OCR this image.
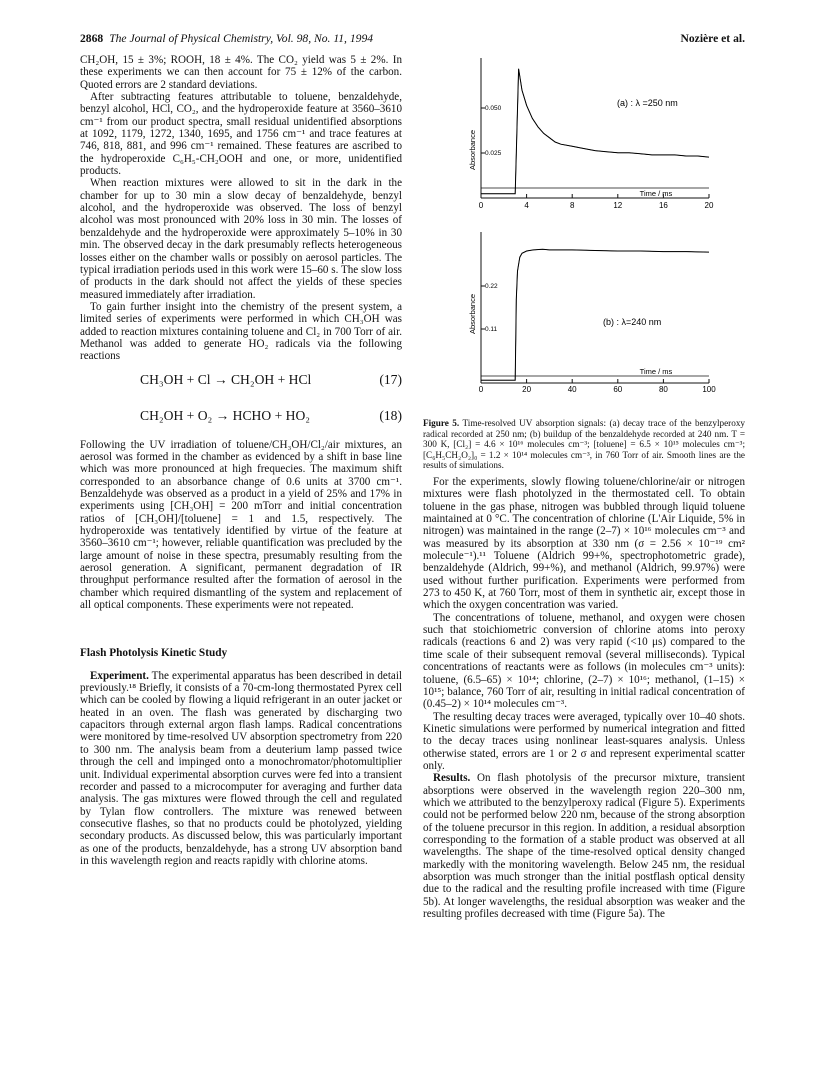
2868 The Journal of Physical Chemistry, Vol. 98, No. 11, 1994	Nozière et al.

CH₂OH, 15 ± 3%; ROOH, 18 ± 4%. The CO₂ yield was 5 ± 2%. In these experiments we can then account for 75 ± 12% of the carbon. Quoted errors are 2 standard deviations.

After subtracting features attributable to toluene, benzaldehyde, benzyl alcohol, HCl, CO₂, and the hydroperoxide feature at 3560–3610 cm⁻¹ from our product spectra, small residual unidentified absorptions at 1092, 1179, 1272, 1340, 1695, and 1756 cm⁻¹ and trace features at 746, 818, 881, and 996 cm⁻¹ remained. These features are ascribed to the hydroperoxide C₆H₅-CH₂OOH and one, or more, unidentified products.

When reaction mixtures were allowed to sit in the dark in the chamber for up to 30 min a slow decay of benzaldehyde, benzyl alcohol, and the hydroperoxide was observed. The loss of benzyl alcohol was most pronounced with 20% loss in 30 min. The losses of benzaldehyde and the hydroperoxide were approximately 5–10% in 30 min. The observed decay in the dark presumably reflects heterogeneous losses either on the chamber walls or possibly on aerosol particles. The typical irradiation periods used in this work were 15–60 s. The slow loss of products in the dark should not affect the yields of these species measured immediately after irradiation.

To gain further insight into the chemistry of the present system, a limited series of experiments were performed in which CH₃OH was added to reaction mixtures containing toluene and Cl₂ in 700 Torr of air. Methanol was added to generate HO₂ radicals via the following reactions

CH₃OH + Cl → CH₂OH + HCl	(17)
CH₂OH + O₂ → HCHO + HO₂	(18)

Following the UV irradiation of toluene/CH₃OH/Cl₂/air mixtures, an aerosol was formed in the chamber as evidenced by a shift in base line which was more pronounced at high frequecies. The maximum shift corresponded to an absorbance change of 0.6 units at 3700 cm⁻¹. Benzaldehyde was observed as a product in a yield of 25% and 17% in experiments using [CH₃OH] = 200 mTorr and initial concentration ratios of [CH₃OH]/[toluene] = 1 and 1.5, respectively. The hydroperoxide was tentatively identified by virtue of the feature at 3560–3610 cm⁻¹; however, reliable quantification was precluded by the large amount of noise in these spectra, presumably resulting from the aerosol generation. A significant, permanent degradation of IR throughput performance resulted after the formation of aerosol in the chamber which required dismantling of the system and replacement of all optical components. These experiments were not repeated.

Flash Photolysis Kinetic Study

Experiment. The experimental apparatus has been described in detail previously.¹⁸ Briefly, it consists of a 70-cm-long thermostated Pyrex cell which can be cooled by flowing a liquid refrigerant in an outer jacket or heated in an oven. The flash was generated by discharging two capacitors through external argon flash lamps. Radical concentrations were monitored by time-resolved UV absorption spectrometry from 220 to 300 nm. The analysis beam from a deuterium lamp passed twice through the cell and impinged onto a monochromator/photomultiplier unit. Individual experimental absorption curves were fed into a transient recorder and passed to a microcomputer for averaging and further data analysis. The gas mixtures were flowed through the cell and regulated by Tylan flow controllers. The mixture was renewed between consecutive flashes, so that no products could be photolyzed, yielding secondary products. As discussed below, this was particularly important as one of the products, benzaldehyde, has a strong UV absorption band in this wavelength region and reacts rapidly with chlorine atoms.

0.050
0.025
Absorbance
(a) : λ =250 nm
Time / ms
0	4	8	12	16	20
0.22
0.11
Absorbance	(b) : λ=240 nm
Time / ms
0	20	40	60	80	100
Figure 5. Time-resolved UV absorption signals: (a) decay trace of the benzylperoxy radical recorded at 250 nm; (b) buildup of the benzaldehyde recorded at 240 nm. T = 300 K, [Cl₂] = 4.6 × 10¹⁶ molecules cm⁻³; [toluene] = 6.5 × 10¹⁵ molecules cm⁻³; [C₆H₅CH₂O₂]₀ = 1.2 × 10¹⁴ molecules cm⁻³, in 760 Torr of air. Smooth lines are the results of simulations.

For the experiments, slowly flowing toluene/chlorine/air or nitrogen mixtures were flash photolyzed in the thermostated cell. To obtain toluene in the gas phase, nitrogen was bubbled through liquid toluene maintained at 0 °C. The concentration of chlorine (L'Air Liquide, 5% in nitrogen) was maintained in the range (2–7) × 10¹⁶ molecules cm⁻³ and was measured by its absorption at 330 nm (σ = 2.56 × 10⁻¹⁹ cm² molecule⁻¹).¹¹ Toluene (Aldrich 99+%, spectrophotometric grade), benzaldehyde (Aldrich, 99+%), and methanol (Aldrich, 99.97%) were used without further purification. Experiments were performed from 273 to 450 K, at 760 Torr, most of them in synthetic air, except those in which the oxygen concentration was varied.

The concentrations of toluene, methanol, and oxygen were chosen such that stoichiometric conversion of chlorine atoms into peroxy radicals (reactions 6 and 2) was very rapid (<10 μs) compared to the time scale of their subsequent removal (several milliseconds). Typical concentrations of reactants were as follows (in molecules cm⁻³ units): toluene, (6.5–65) × 10¹⁴; chlorine, (2–7) × 10¹⁶; methanol, (1–15) × 10¹⁵; balance, 760 Torr of air, resulting in initial radical concentration of (0.45–2) × 10¹⁴ molecules cm⁻³.

The resulting decay traces were averaged, typically over 10–40 shots. Kinetic simulations were performed by numerical integration and fitted to the decay traces using nonlinear least-squares analysis. Unless otherwise stated, errors are 1 or 2 σ and represent experimental scatter only.

Results. On flash photolysis of the precursor mixture, transient absorptions were observed in the wavelength region 220–300 nm, which we attributed to the benzylperoxy radical (Figure 5). Experiments could not be performed below 220 nm, because of the strong absorption of the toluene precursor in this region. In addition, a residual absorption corresponding to the formation of a stable product was observed at all wavelengths. The shape of the time-resolved optical density changed markedly with the monitoring wavelength. Below 245 nm, the residual absorption was much stronger than the initial postflash optical density due to the radical and the resulting profile increased with time (Figure 5b). At longer wavelengths, the residual absorption was weaker and the resulting profiles decreased with time (Figure 5a). The
